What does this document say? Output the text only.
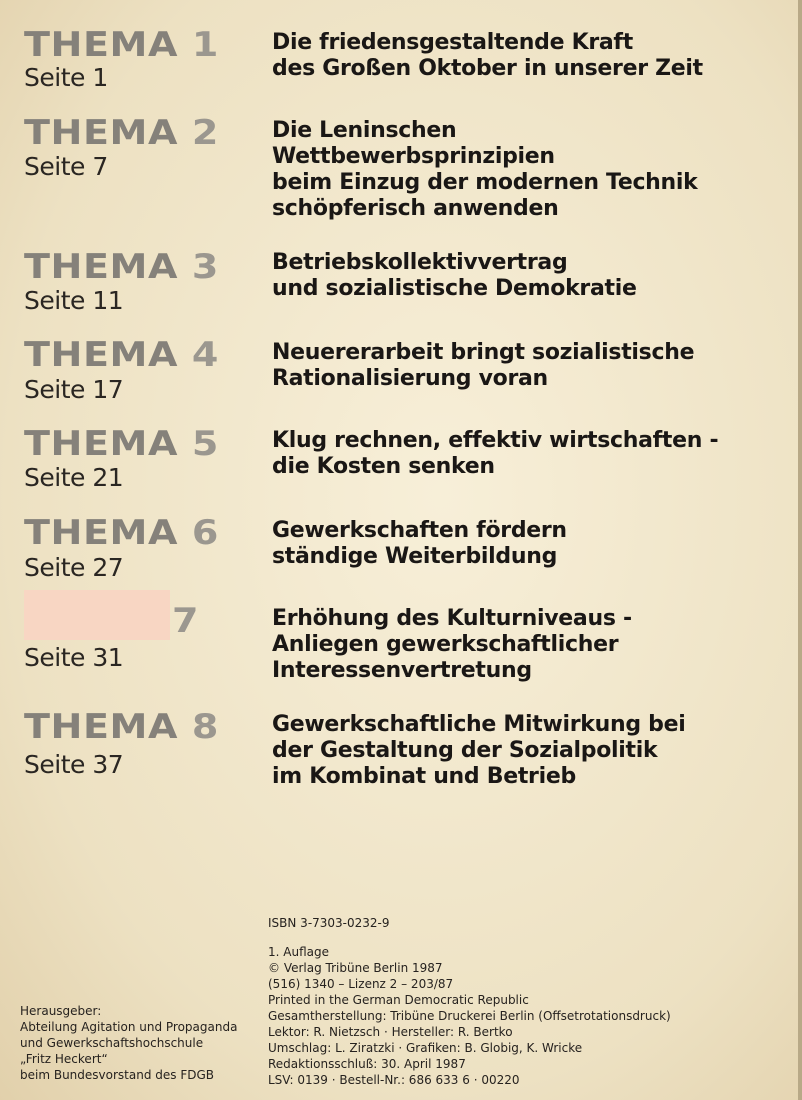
THEMA 1
Seite 1
Die friedensgestaltende Kraft
des Großen Oktober in unserer Zeit
THEMA 2
Seite 7
Die Leninschen
Wettbewerbsprinzipien
beim Einzug der modernen Technik
schöpferisch anwenden
THEMA 3
Seite 11
Betriebskollektivvertrag
und sozialistische Demokratie
THEMA 4
Seite 17
Neuererarbeit bringt sozialistische
Rationalisierung voran
THEMA 5
Seite 21
Klug rechnen, effektiv wirtschaften -
die Kosten senken
THEMA 6
Seite 27
Gewerkschaften fördern
ständige Weiterbildung
7
Seite 31
Erhöhung des Kulturniveaus -
Anliegen gewerkschaftlicher
Interessenvertretung
THEMA 8
Seite 37
Gewerkschaftliche Mitwirkung bei
der Gestaltung der Sozialpolitik
im Kombinat und Betrieb
ISBN 3-7303-0232-9
1. Auflage
© Verlag Tribüne Berlin 1987
(516) 1340 – Lizenz 2 – 203/87
Printed in the German Democratic Republic
Gesamtherstellung: Tribüne Druckerei Berlin (Offsetrotationsdruck)
Lektor: R. Nietzsch · Hersteller: R. Bertko
Umschlag: L. Ziratzki · Grafiken: B. Globig, K. Wricke
Redaktionsschluß: 30. April 1987
LSV: 0139 · Bestell-Nr.: 686 633 6 · 00220
Herausgeber:
Abteilung Agitation und Propaganda
und Gewerkschaftshochschule
„Fritz Heckert“
beim Bundesvorstand des FDGB
